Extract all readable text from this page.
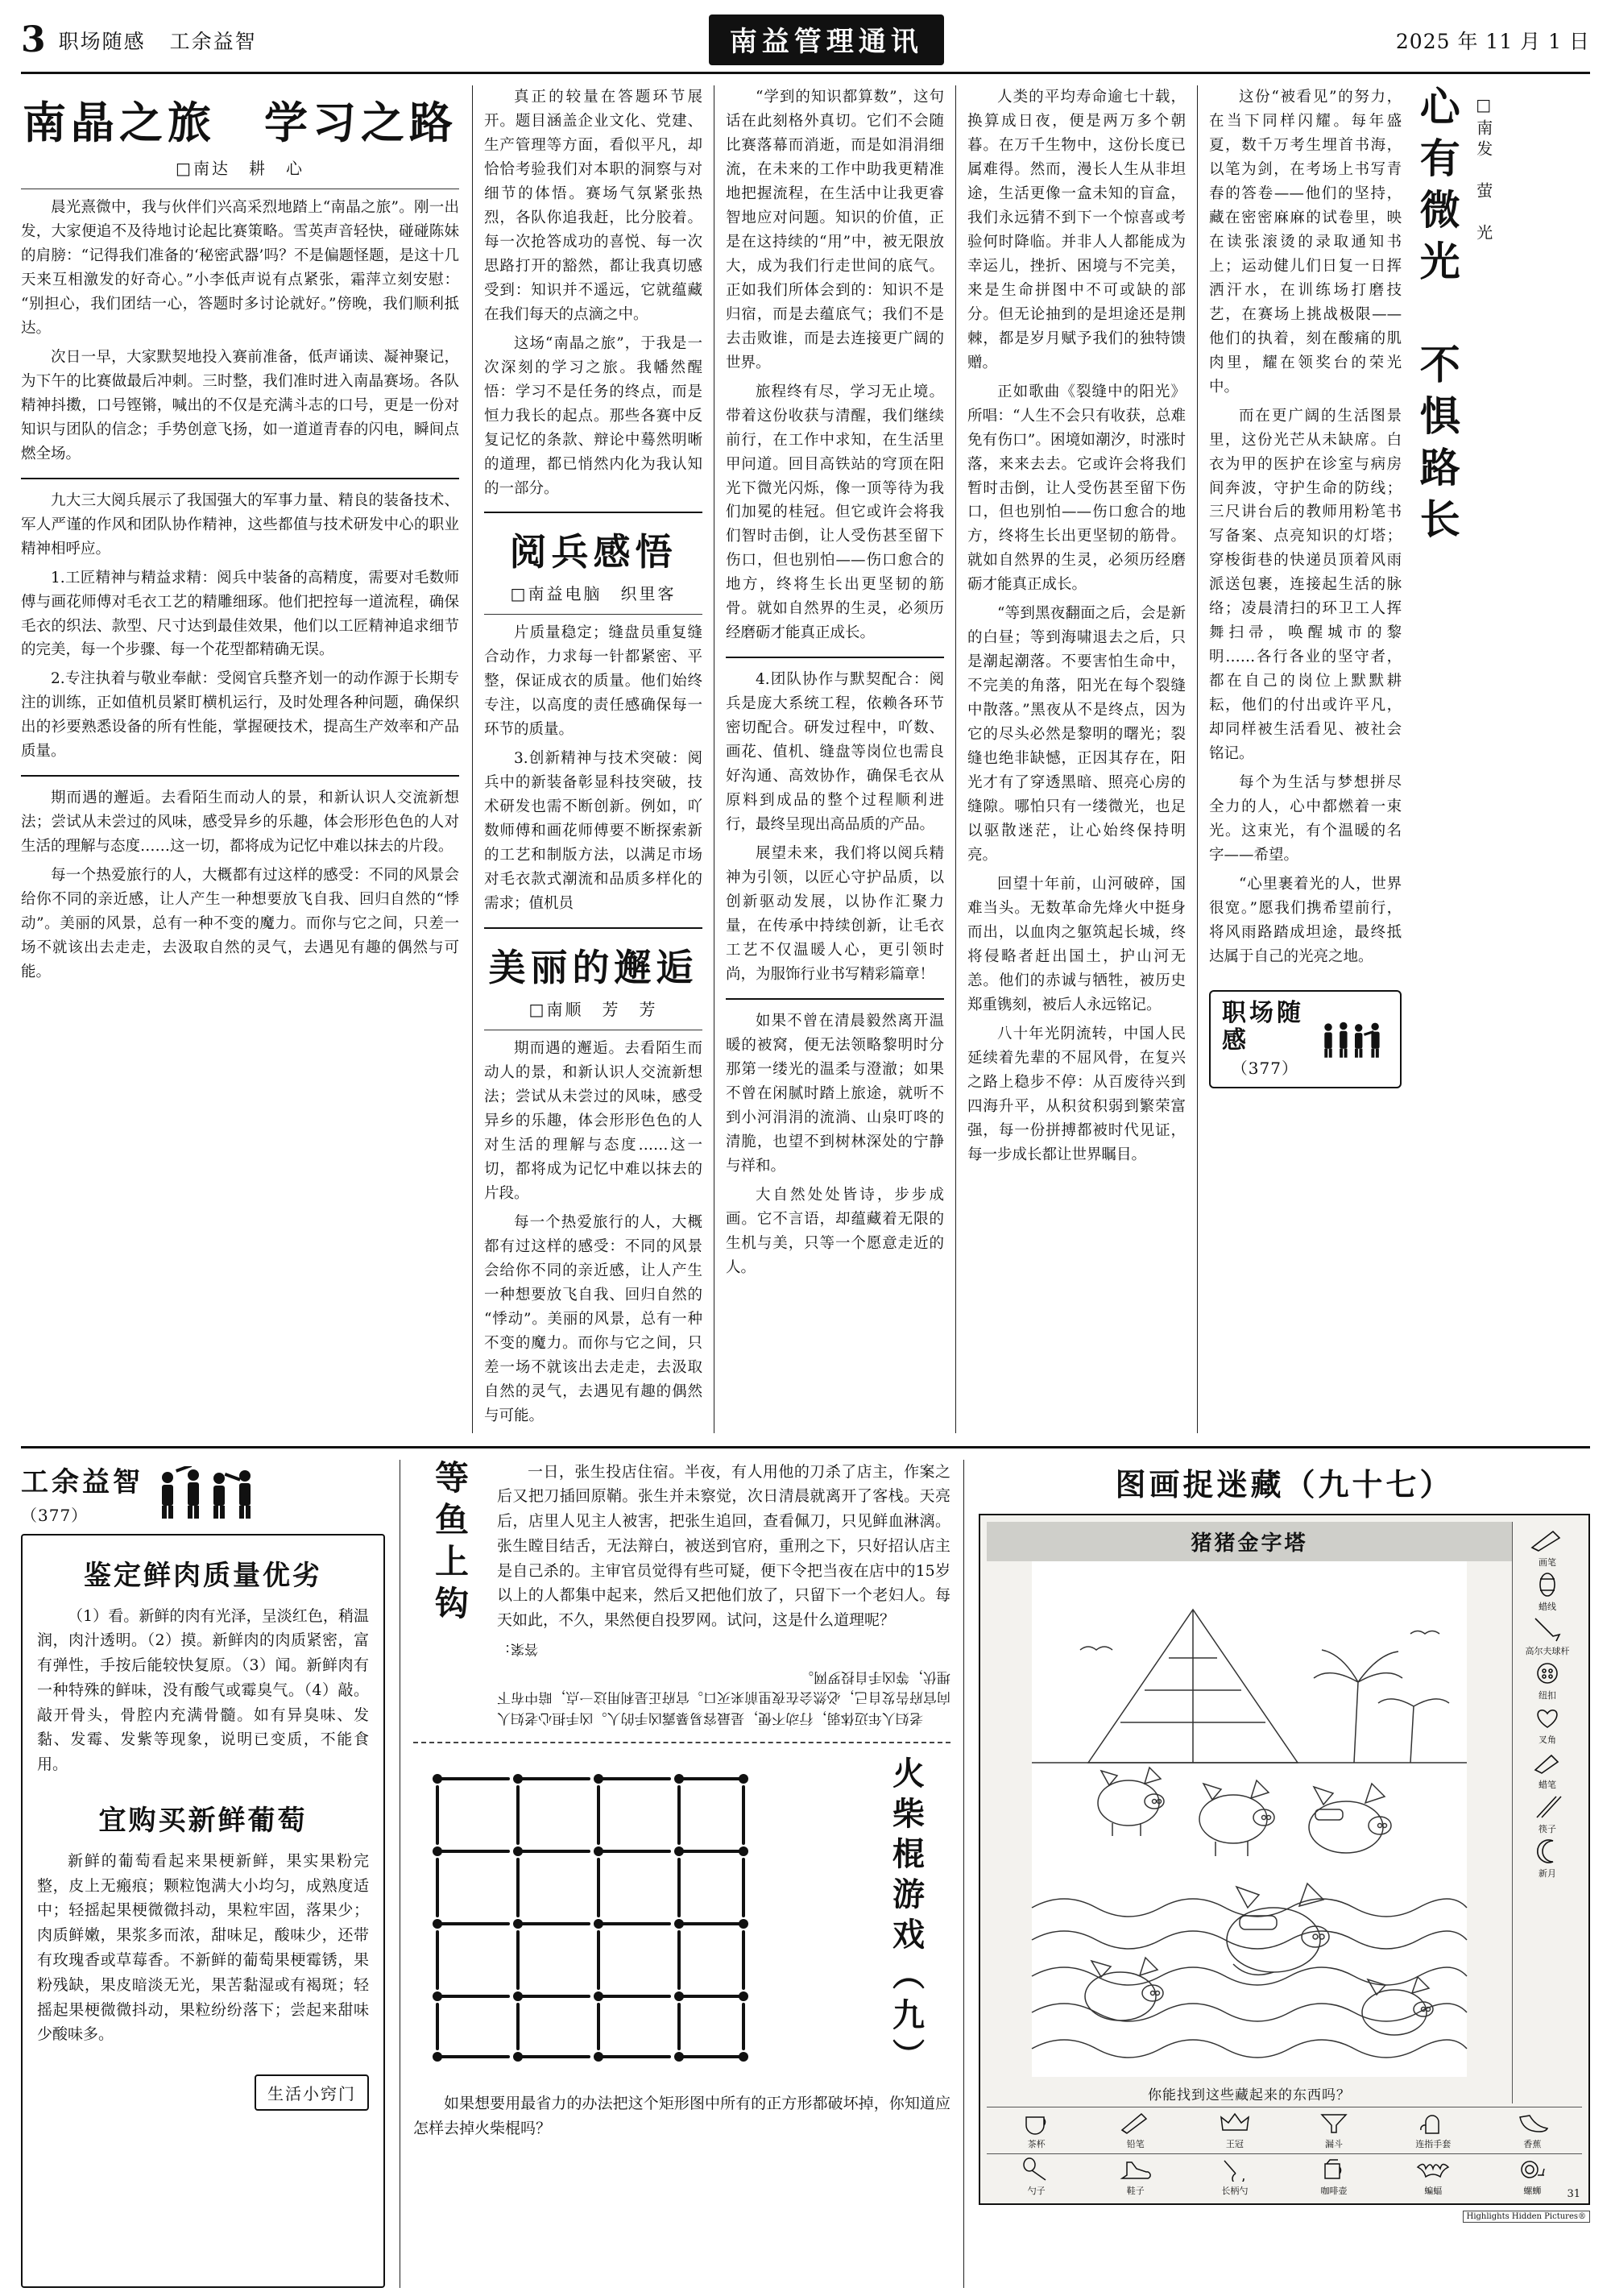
3 职场随感 工余益智	南益管理通讯	2025 年 11 月 1 日
南晶之旅　学习之路
□南达　耕　心

晨光熹微中，我与伙伴们兴高采烈地踏上“南晶之旅”。刚一出发，大家便追不及待地讨论起比赛策略。雪英声音轻快，碰碰陈妹的肩膀：“记得我们准备的‘秘密武器’吗？不是偏题怪题，是这十几天来互相激发的好奇心。”小李低声说有点紧张，霜萍立刻安慰：“别担心，我们团结一心，答题时多讨论就好。”傍晚，我们顺利抵达。

次日一早，大家默契地投入赛前准备，低声诵读、凝神聚记，为下午的比赛做最后冲刺。三时整，我们准时进入南晶赛场。各队精神抖擞，口号铿锵，喊出的不仅是充满斗志的口号，更是一份对知识与团队的信念；手势创意飞扬，如一道道青春的闪电，瞬间点燃全场。

九大三大阅兵展示了我国强大的军事力量、精良的装备技术、军人严谨的作风和团队协作精神，这些都值与技术研发中心的职业精神相呼应。

1.工匠精神与精益求精：阅兵中装备的高精度，需要对毛数师傅与画花师傅对毛衣工艺的精雕细琢。他们把控每一道流程，确保毛衣的织法、款型、尺寸达到最佳效果，他们以工匠精神追求细节的完美，每一个步骤、每一个花型都精确无误。

2.专注执着与敬业奉献：受阅官兵整齐划一的动作源于长期专注的训练，正如值机员紧盯横机运行，及时处理各种问题，确保织出的衫要熟悉设备的所有性能，掌握硬技术，提高生产效率和产品质量。

期而遇的邂逅。去看陌生而动人的景，和新认识人交流新想法；尝试从未尝过的风味，感受异乡的乐趣，体会形形色色的人对生活的理解与态度……这一切，都将成为记忆中难以抹去的片段。

每一个热爱旅行的人，大概都有过这样的感受：不同的风景会给你不同的亲近感，让人产生一种想要放飞自我、回归自然的“悸动”。美丽的风景，总有一种不变的魔力。而你与它之间，只差一场不就该出去走走，去汲取自然的灵气，去遇见有趣的偶然与可能。

真正的较量在答题环节展开。题目涵盖企业文化、党建、生产管理等方面，看似平凡，却恰恰考验我们对本职的洞察与对细节的体悟。赛场气氛紧张热烈，各队你追我赶，比分胶着。每一次抢答成功的喜悦、每一次思路打开的豁然，都让我真切感受到：知识并不遥远，它就蕴藏在我们每天的点滴之中。

这场“南晶之旅”，于我是一次深刻的学习之旅。我幡然醒悟：学习不是任务的终点，而是恒力我长的起点。那些各赛中反复记忆的条款、辩论中蓦然明晰的道理，都已悄然内化为我认知的一部分。

阅兵感悟
□南益电脑　织里客

片质量稳定；缝盘员重复缝合动作，力求每一针都紧密、平整，保证成衣的质量。他们始终专注，以高度的责任感确保每一环节的质量。

3.创新精神与技术突破：阅兵中的新装备彰显科技突破，技术研发也需不断创新。例如，吖数师傅和画花师傅要不断探索新的工艺和制版方法，以满足市场对毛衣款式潮流和品质多样化的需求；值机员

美丽的邂逅
□南顺　芳　芳

期而遇的邂逅。去看陌生而动人的景，和新认识人交流新想法；尝试从未尝过的风味，感受异乡的乐趣，体会形形色色的人对生活的理解与态度……这一切，都将成为记忆中难以抹去的片段。

每一个热爱旅行的人，大概都有过这样的感受：不同的风景会给你不同的亲近感，让人产生一种想要放飞自我、回归自然的“悸动”。美丽的风景，总有一种不变的魔力。而你与它之间，只差一场不就该出去走走，去汲取自然的灵气，去遇见有趣的偶然与可能。

“学到的知识都算数”，这句话在此刻格外真切。它们不会随比赛落幕而消逝，而是如涓涓细流，在未来的工作中助我更精准地把握流程，在生活中让我更睿智地应对问题。知识的价值，正是在这持续的“用”中，被无限放大，成为我们行走世间的底气。正如我们所体会到的：知识不是归宿，而是去蕴底气；我们不是去击败谁，而是去连接更广阔的世界。

旅程终有尽，学习无止境。带着这份收获与清醒，我们继续前行，在工作中求知，在生活里甲问道。回目高铁站的穹顶在阳光下微光闪烁，像一顶等待为我们加冕的桂冠。但它或许会将我们智时击倒，让人受伤甚至留下伤口，但也别怕——伤口愈合的地方，终将生长出更坚韧的筋骨。就如自然界的生灵，必须历经磨砺才能真正成长。

4.团队协作与默契配合：阅兵是庞大系统工程，依赖各环节密切配合。研发过程中，吖数、画花、值机、缝盘等岗位也需良好沟通、高效协作，确保毛衣从原料到成品的整个过程顺利进行，最终呈现出高品质的产品。

展望未来，我们将以阅兵精神为引领，以匠心守护品质，以创新驱动发展，以协作汇聚力量，在传承中持续创新，让毛衣工艺不仅温暖人心，更引领时尚，为服饰行业书写精彩篇章！

如果不曾在清晨毅然离开温暖的被窝，便无法领略黎明时分那第一缕光的温柔与澄澈；如果不曾在闲腻时踏上旅途，就听不到小河涓涓的流淌、山泉叮咚的清脆，也望不到树林深处的宁静与祥和。

大自然处处皆诗，步步成画。它不言语，却蕴藏着无限的生机与美，只等一个愿意走近的人。

人类的平均寿命逾七十载，换算成日夜，便是两万多个朝暮。在万千生物中，这份长度已属难得。然而，漫长人生从非坦途，生活更像一盒未知的盲盒，我们永远猜不到下一个惊喜或考验何时降临。并非人人都能成为幸运儿，挫折、困境与不完美，来是生命拼图中不可或缺的部分。但无论抽到的是坦途还是荆棘，都是岁月赋予我们的独特馈赠。

正如歌曲《裂缝中的阳光》所唱：“人生不会只有收获，总难免有伤口”。困境如潮汐，时涨时落，来来去去。它或许会将我们暂时击倒，让人受伤甚至留下伤口，但也别怕——伤口愈合的地方，终将生长出更坚韧的筋骨。就如自然界的生灵，必须历经磨砺才能真正成长。

“等到黑夜翻面之后，会是新的白昼；等到海啸退去之后，只是潮起潮落。不要害怕生命中，不完美的角落，阳光在每个裂缝中散落。”黑夜从不是终点，因为它的尽头必然是黎明的曙光；裂缝也绝非缺憾，正因其存在，阳光才有了穿透黑暗、照亮心房的缝隙。哪怕只有一缕微光，也足以驱散迷茫，让心始终保持明亮。

回望十年前，山河破碎，国难当头。无数革命先烽火中挺身而出，以血肉之躯筑起长城，终将侵略者赶出国土，护山河无恙。他们的赤诚与牺牲，被历史郑重镌刻，被后人永远铭记。

八十年光阴流转，中国人民延续着先辈的不屈风骨，在复兴之路上稳步不停：从百废待兴到四海升平，从积贫积弱到繁荣富强，每一份拼搏都被时代见证，每一步成长都让世界瞩目。

这份“被看见”的努力，在当下同样闪耀。每年盛夏，数千万考生埋首书海，以笔为剑，在考场上书写青春的答卷——他们的坚持，藏在密密麻麻的试卷里，映在读张滚烫的录取通知书上；运动健儿们日复一日挥洒汗水，在训练场打磨技艺，在赛场上挑战极限——他们的执着，刻在酸痛的肌肉里，耀在领奖台的荣光中。

而在更广阔的生活图景里，这份光芒从未缺席。白衣为甲的医护在诊室与病房间奔波，守护生命的防线；三尺讲台后的教师用粉笔书写备案、点亮知识的灯塔；穿梭街巷的快递员顶着风雨派送包裹，连接起生活的脉络；凌晨清扫的环卫工人挥舞扫帚，唤醒城市的黎明……各行各业的坚守者，都在自己的岗位上默默耕耘，他们的付出或许平凡，却同样被生活看见、被社会铭记。

每个为生活与梦想拼尽全力的人，心中都燃着一束光。这束光，有个温暖的名字——希望。

“心里裹着光的人，世界很宽。”愿我们携希望前行，将风雨路踏成坦途，最终抵达属于自己的光亮之地。

职场随感
（377）
心有微光　不惧路长 □南发　萤　光
工余益智
（377）
鉴定鲜肉质量优劣

（1）看。新鲜的肉有光泽，呈淡红色，稍温润，肉汁透明。（2）摸。新鲜肉的肉质紧密，富有弹性，手按后能较快复原。（3）闻。新鲜肉有一种特殊的鲜味，没有酸气或霉臭气。（4）敲。敲开骨头，骨腔内充满骨髓。如有异臭味、发黏、发霉、发紫等现象，说明已变质，不能食用。

宜购买新鲜葡萄

新鲜的葡萄看起来果梗新鲜，果实果粉完整，皮上无瘢痕；颗粒饱满大小均匀，成熟度适中；轻摇起果梗微微抖动，果粒牢固，落果少；肉质鲜嫩，果浆多而浓，甜味足，酸味少，还带有玫瑰香或草莓香。不新鲜的葡萄果梗霉锈，果粉残缺，果皮暗淡无光，果苦黏湿或有褐斑；轻摇起果梗微微抖动，果粒纷纷落下；尝起来甜味少酸味多。

生活小窍门
等鱼上钩	一日，张生投店住宿。半夜，有人用他的刀杀了店主，作案之后又把刀插回原鞘。张生并未察觉，次日清晨就离开了客栈。天亮后，店里人见主人被害，把张生追回，查看佩刀，只见鲜血淋漓。张生瞠目结舌，无法辩白，被送到官府，重刑之下，只好招认店主是自己杀的。主审官员觉得有些可疑，便下令把当夜在店中的15岁以上的人都集中起来，然后又把他们放了，只留下一个老妇人。每天如此，不久，果然便自投罗网。试问，这是什么道理呢？

老妇人年迈体弱，行动不便，是最容易暴露凶手的人。凶手担心老妇人向官府告发自己，必然会在夜里前来灭口。官府正是利用这一点，暗中布下埋伏，等凶手自投罗网。

答案：
火柴棍游戏（九）

如果想要用最省力的办法把这个矩形图中所有的正方形都破坏掉，你知道应怎样去掉火柴棍吗？

图画捉迷藏（九十七）
猪猪金字塔
你能找到这些藏起来的东西吗？
画笔
蜡线
高尔夫球杆
纽扣
叉角
蜡笔
筷子
新月
茶杯	铅笔	王冠	漏斗	连指手套	香蕉
勺子	鞋子	长柄勺	咖啡壶	蝙蝠	螺蛳	31
Highlights Hidden Pictures®
